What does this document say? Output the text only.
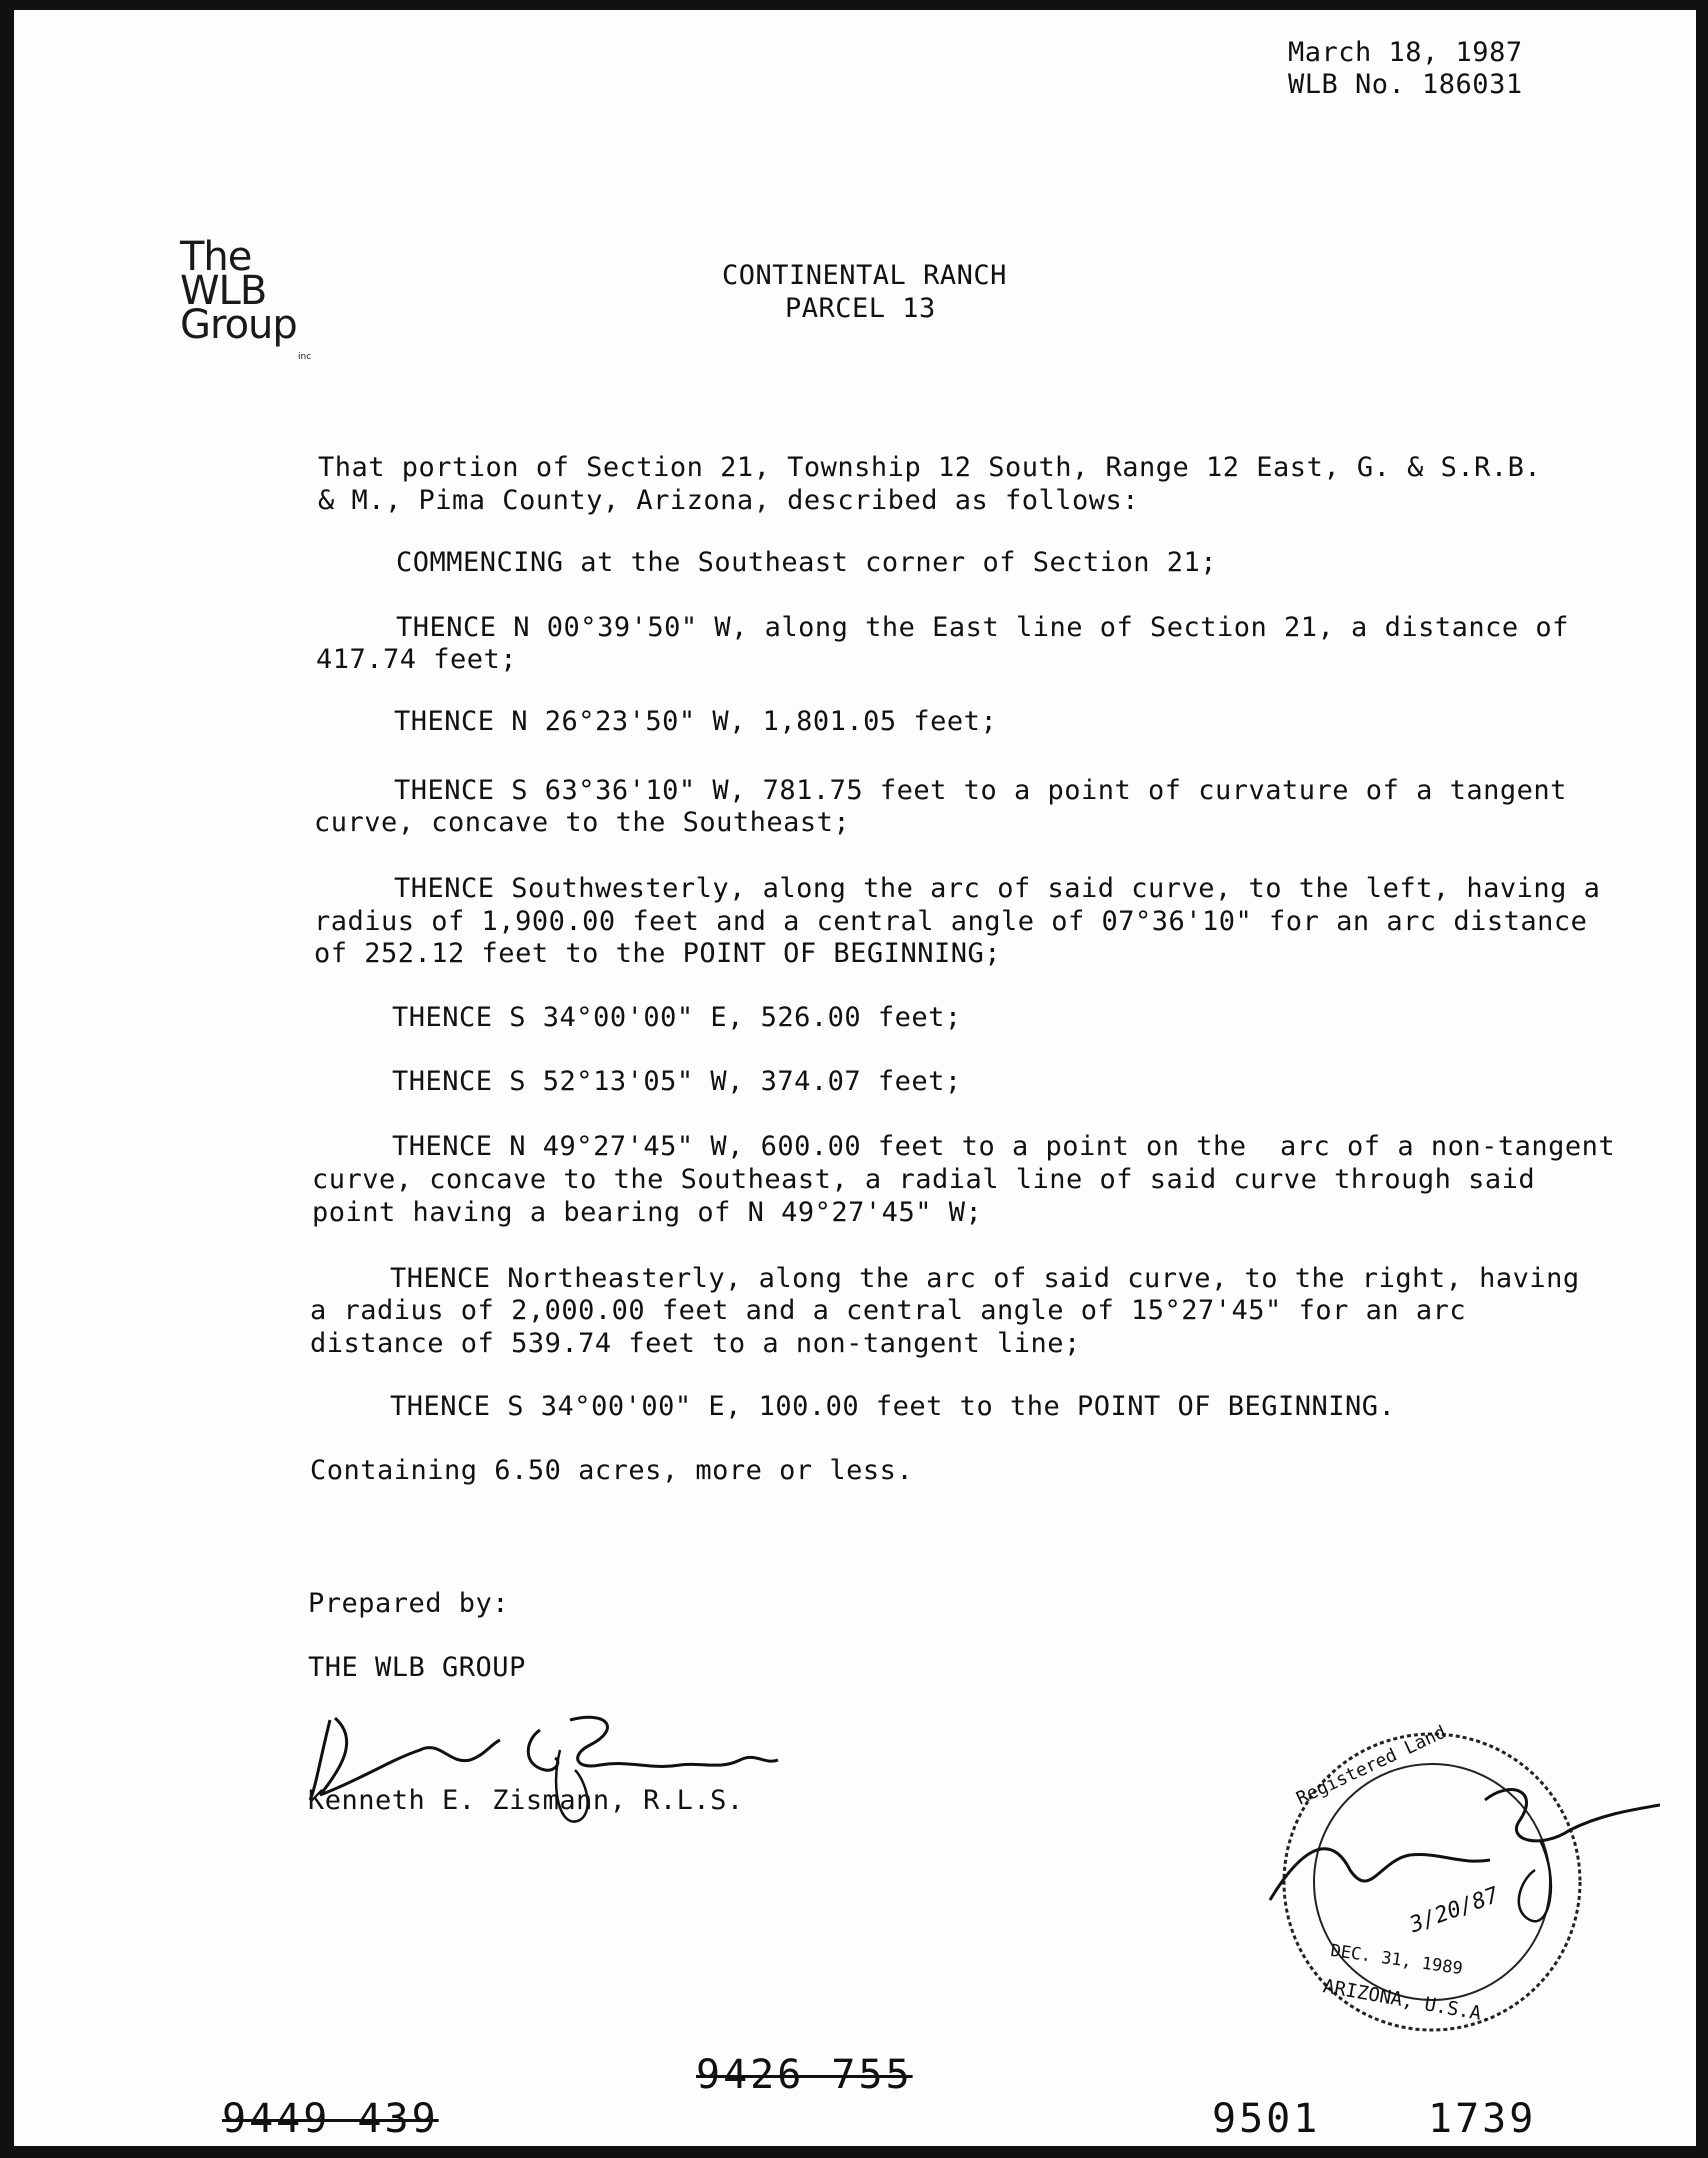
March 18, 1987
WLB No. 186031
The
WLB
Group
inc
CONTINENTAL RANCH
PARCEL 13
That portion of Section 21, Township 12 South, Range 12 East, G. & S.R.B.
& M., Pima County, Arizona, described as follows:
COMMENCING at the Southeast corner of Section 21;
THENCE N 00°39'50" W, along the East line of Section 21, a distance of
417.74 feet;
THENCE N 26°23'50" W, 1,801.05 feet;
THENCE S 63°36'10" W, 781.75 feet to a point of curvature of a tangent
curve, concave to the Southeast;
THENCE Southwesterly, along the arc of said curve, to the left, having a
radius of 1,900.00 feet and a central angle of 07°36'10" for an arc distance
of 252.12 feet to the POINT OF BEGINNING;
THENCE S 34°00'00" E, 526.00 feet;
THENCE S 52°13'05" W, 374.07 feet;
THENCE N 49°27'45" W, 600.00 feet to a point on the  arc of a non-tangent
curve, concave to the Southeast, a radial line of said curve through said
point having a bearing of N 49°27'45" W;
THENCE Northeasterly, along the arc of said curve, to the right, having
a radius of 2,000.00 feet and a central angle of 15°27'45" for an arc
distance of 539.74 feet to a non-tangent line;
THENCE S 34°00'00" E, 100.00 feet to the POINT OF BEGINNING.
Containing 6.50 acres, more or less.
Prepared by:
THE WLB GROUP
Kenneth E. Zismann, R.L.S.	Registered Land
3/20/87
DEC. 31, 1989
ARIZONA, U.S.A.
9449 439
9426 755
9501	1739
